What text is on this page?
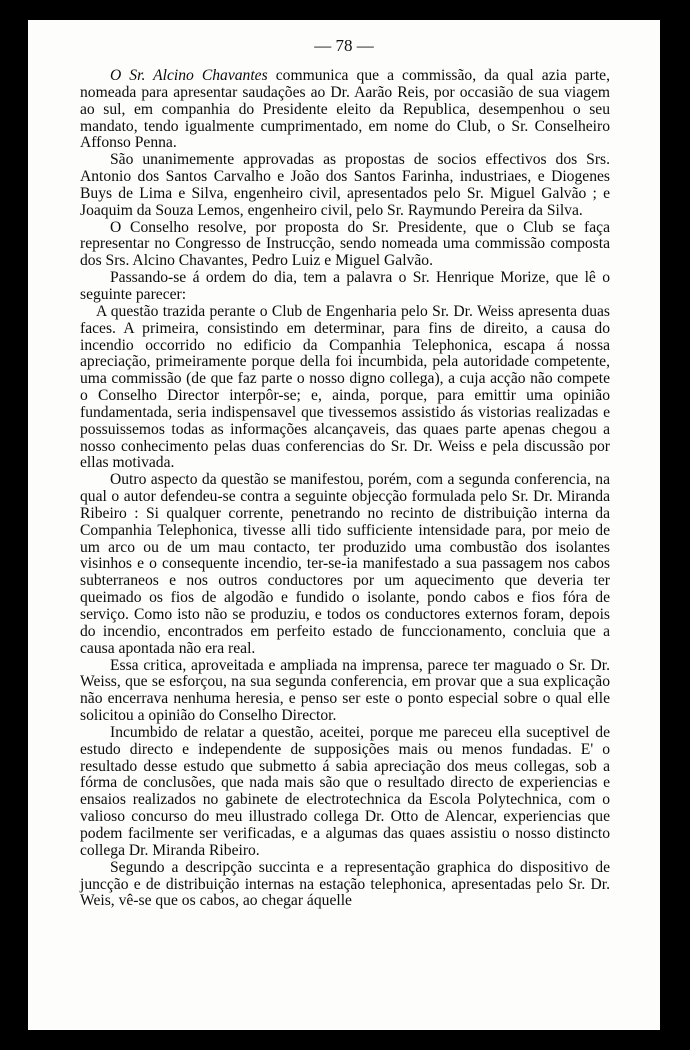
— 78 —

O Sr. Alcino Chavantes communica que a commissão, da qual azia parte, nomeada para apresentar saudações ao Dr. Aarão Reis, por occasião de sua viagem ao sul, em companhia do Presidente eleito da Republica, desempenhou o seu mandato, tendo igualmente cumprimentado, em nome do Club, o Sr. Conselheiro Affonso Penna.

São unanimemente approvadas as propostas de socios effectivos dos Srs. Antonio dos Santos Carvalho e João dos Santos Farinha, industriaes, e Diogenes Buys de Lima e Silva, engenheiro civil, apresentados pelo Sr. Miguel Galvão ; e Joaquim da Souza Lemos, engenheiro civil, pelo Sr. Raymundo Pereira da Silva.

O Conselho resolve, por proposta do Sr. Presidente, que o Club se faça representar no Congresso de Instrucção, sendo nomeada uma commissão composta dos Srs. Alcino Chavantes, Pedro Luiz e Miguel Galvão.

Passando-se á ordem do dia, tem a palavra o Sr. Henrique Morize, que lê o seguinte parecer:

A questão trazida perante o Club de Engenharia pelo Sr. Dr. Weiss apresenta duas faces. A primeira, consistindo em determinar, para fins de direito, a causa do incendio occorrido no edificio da Companhia Telephonica, escapa á nossa apreciação, primeiramente porque della foi incumbida, pela autoridade competente, uma commissão (de que faz parte o nosso digno collega), a cuja acção não compete o Conselho Director interpôr-se; e, ainda, porque, para emittir uma opinião fundamentada, seria indispensavel que tivessemos assistido ás vistorias realizadas e possuissemos todas as informações alcançaveis, das quaes parte apenas chegou a nosso conhecimento pelas duas conferencias do Sr. Dr. Weiss e pela discussão por ellas motivada.

Outro aspecto da questão se manifestou, porém, com a segunda conferencia, na qual o autor defendeu-se contra a seguinte objecção formulada pelo Sr. Dr. Miranda Ribeiro : Si qualquer corrente, penetrando no recinto de distribuição interna da Companhia Telephonica, tivesse alli tido sufficiente intensidade para, por meio de um arco ou de um mau contacto, ter produzido uma combustão dos isolantes visinhos e o consequente incendio, ter-se-ia manifestado a sua passagem nos cabos subterraneos e nos outros conductores por um aquecimento que deveria ter queimado os fios de algodão e fundido o isolante, pondo cabos e fios fóra de serviço. Como isto não se produziu, e todos os conductores externos foram, depois do incendio, encontrados em perfeito estado de funccionamento, concluia que a causa apontada não era real.

Essa critica, aproveitada e ampliada na imprensa, parece ter maguado o Sr. Dr. Weiss, que se esforçou, na sua segunda conferencia, em provar que a sua explicação não encerrava nenhuma heresia, e penso ser este o ponto especial sobre o qual elle solicitou a opinião do Conselho Director.

Incumbido de relatar a questão, aceitei, porque me pareceu ella suceptivel de estudo directo e independente de supposições mais ou menos fundadas. E' o resultado desse estudo que submetto á sabia apreciação dos meus collegas, sob a fórma de conclusões, que nada mais são que o resultado directo de experiencias e ensaios realizados no gabinete de electrotechnica da Escola Polytechnica, com o valioso concurso do meu illustrado collega Dr. Otto de Alencar, experiencias que podem facilmente ser verificadas, e a algumas das quaes assistiu o nosso distincto collega Dr. Miranda Ribeiro.

Segundo a descripção succinta e a representação graphica do dispositivo de juncção e de distribuição internas na estação telephonica, apresentadas pelo Sr. Dr. Weis, vê-se que os cabos, ao chegar áquelle
